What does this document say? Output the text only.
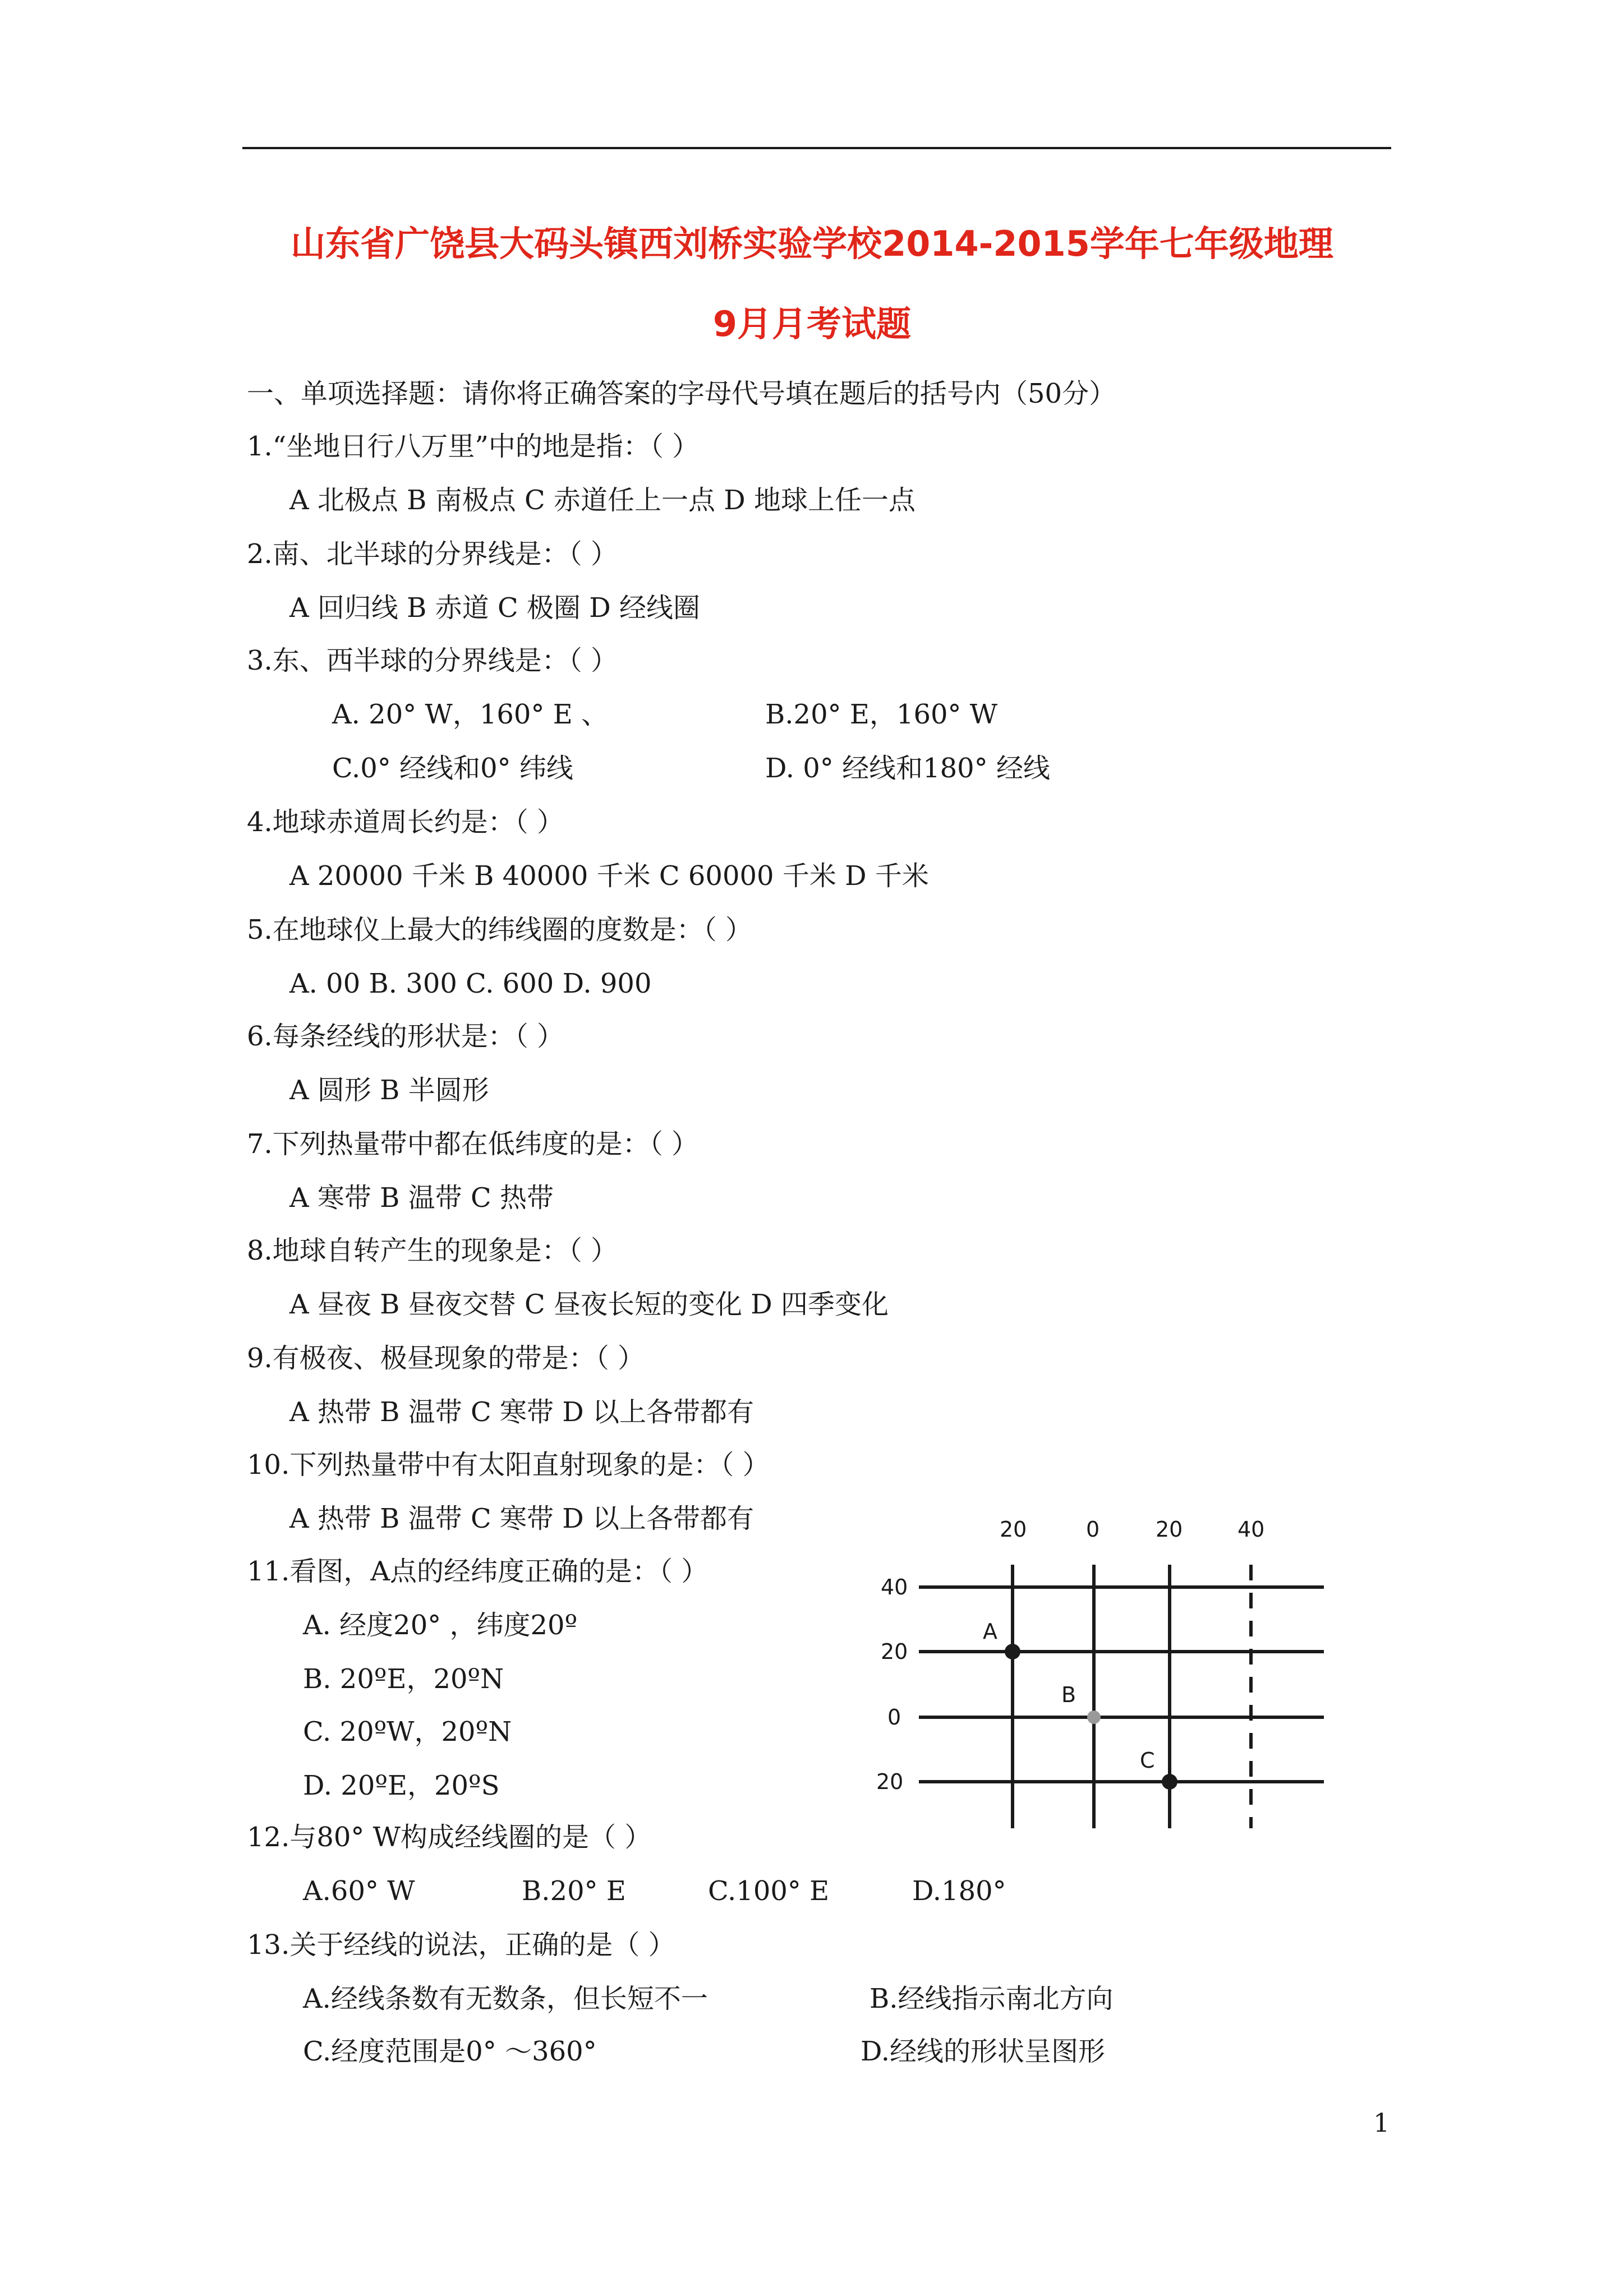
山东省广饶县大码头镇西刘桥实验学校2014-2015学年七年级地理
9月月考试题
一、单项选择题：请你将正确答案的字母代号填在题后的括号内（50分）
1.“坐地日行八万里”中的地是指：（ ）
A 北极点 B 南极点 C 赤道任上一点 D 地球上任一点
2.南、北半球的分界线是：（ ）
A 回归线 B 赤道 C 极圈 D 经线圈
3.东、西半球的分界线是：（ ）
A. 20° W，160° E 、	B.20° E，160° W
C.0° 经线和0° 纬线	D. 0° 经线和180° 经线
4.地球赤道周长约是：（ ）
A 20000 千米 B 40000 千米 C 60000 千米 D 千米
5.在地球仪上最大的纬线圈的度数是：（ ）
A. 00 B. 300 C. 600 D. 900
6.每条经线的形状是：（ ）
A 圆形 B 半圆形
7.下列热量带中都在低纬度的是：（ ）
A 寒带 B 温带 C 热带
8.地球自转产生的现象是：（ ）
A 昼夜 B 昼夜交替 C 昼夜长短的变化 D 四季变化
9.有极夜、极昼现象的带是：（ ）
A 热带 B 温带 C 寒带 D 以上各带都有
10.下列热量带中有太阳直射现象的是：（ ）
A 热带 B 温带 C 寒带 D 以上各带都有
11.看图，A点的经纬度正确的是：（ ）
A. 经度20° ，纬度20º
B. 20ºE，20ºN
C. 20ºW，20ºN
D. 20ºE，20ºS
12.与80° W构成经线圈的是（ ）
A.60° W	B.20° E	C.100° E	D.180°
13.关于经线的说法，正确的是（ ）
A.经线条数有无数条，但长短不一	B.经线指示南北方向
C.经度范围是0° ～360°	D.经线的形状呈图形
20	0	20	40
40
20
0
20
A
B
C
1
